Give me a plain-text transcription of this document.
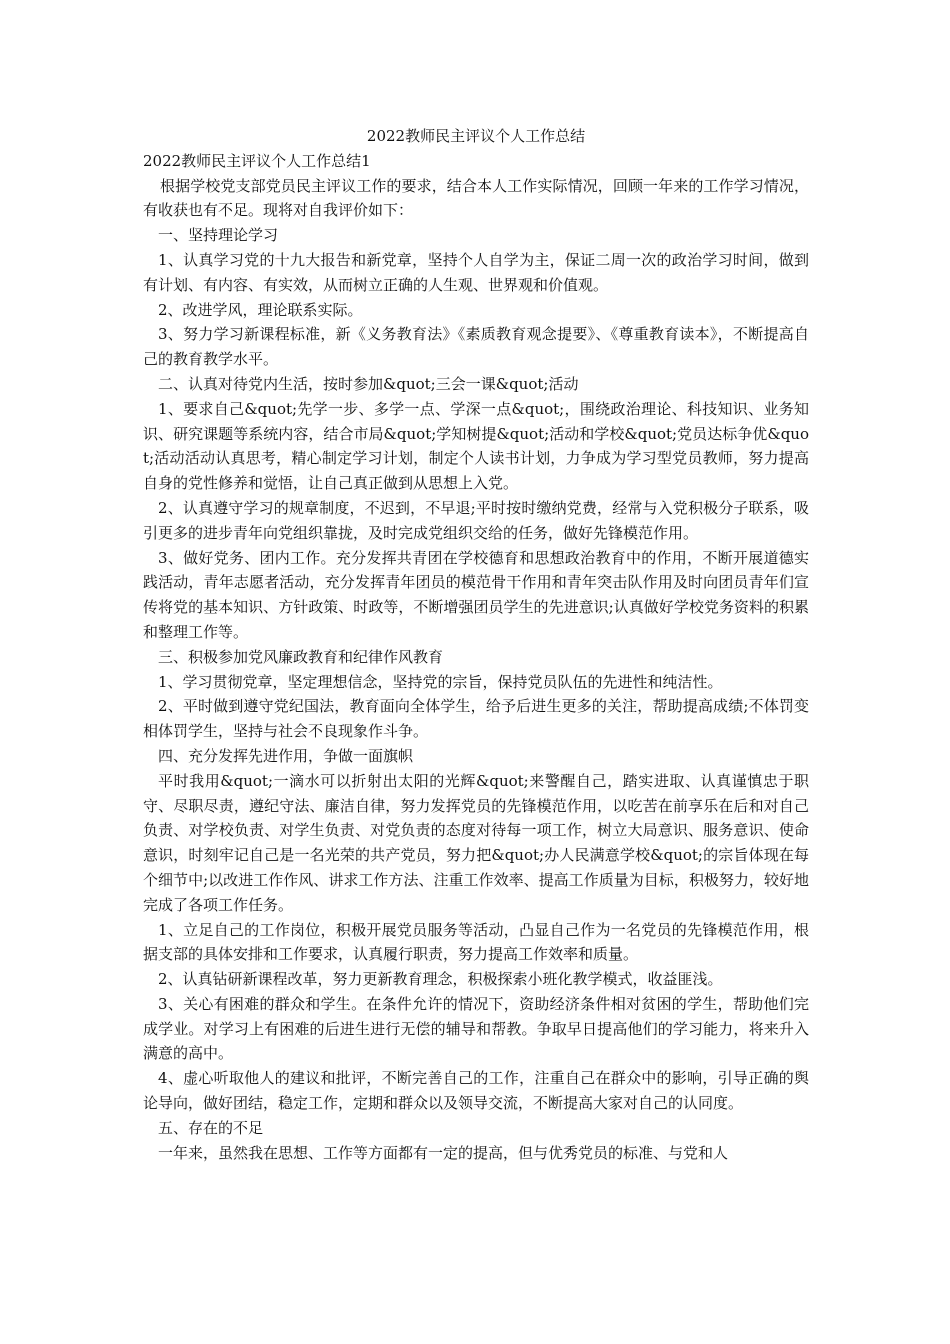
2022教师民主评议个人工作总结

2022教师民主评议个人工作总结1

根据学校党支部党员民主评议工作的要求，结合本人工作实际情况，回顾一年来的工作学习情况，有收获也有不足。现将对自我评价如下：

一、坚持理论学习

1、认真学习党的十九大报告和新党章，坚持个人自学为主，保证二周一次的政治学习时间，做到有计划、有内容、有实效，从而树立正确的人生观、世界观和价值观。

2、改进学风，理论联系实际。

3、努力学习新课程标准，新《义务教育法》《素质教育观念提要》、《尊重教育读本》，不断提高自己的教育教学水平。

二、认真对待党内生活，按时参加&quot;三会一课&quot;活动

1、要求自己&quot;先学一步、多学一点、学深一点&quot;，围绕政治理论、科技知识、业务知识、研究课题等系统内容，结合市局&quot;学知树提&quot;活动和学校&quot;党员达标争优&quot;活动活动认真思考，精心制定学习计划，制定个人读书计划，力争成为学习型党员教师，努力提高自身的党性修养和觉悟，让自己真正做到从思想上入党。

2、认真遵守学习的规章制度，不迟到，不早退;平时按时缴纳党费，经常与入党积极分子联系，吸引更多的进步青年向党组织靠拢，及时完成党组织交给的任务，做好先锋模范作用。

3、做好党务、团内工作。充分发挥共青团在学校德育和思想政治教育中的作用，不断开展道德实践活动，青年志愿者活动，充分发挥青年团员的模范骨干作用和青年突击队作用及时向团员青年们宣传将党的基本知识、方针政策、时政等，不断增强团员学生的先进意识;认真做好学校党务资料的积累和整理工作等。

三、积极参加党风廉政教育和纪律作风教育

1、学习贯彻党章，坚定理想信念，坚持党的宗旨，保持党员队伍的先进性和纯洁性。

2、平时做到遵守党纪国法，教育面向全体学生，给予后进生更多的关注，帮助提高成绩;不体罚变相体罚学生，坚持与社会不良现象作斗争。

四、充分发挥先进作用，争做一面旗帜

平时我用&quot;一滴水可以折射出太阳的光辉&quot;来警醒自己，踏实进取、认真谨慎忠于职守、尽职尽责，遵纪守法、廉洁自律，努力发挥党员的先锋模范作用，以吃苦在前享乐在后和对自己负责、对学校负责、对学生负责、对党负责的态度对待每一项工作，树立大局意识、服务意识、使命意识，时刻牢记自己是一名光荣的共产党员，努力把&quot;办人民满意学校&quot;的宗旨体现在每个细节中;以改进工作作风、讲求工作方法、注重工作效率、提高工作质量为目标，积极努力，较好地完成了各项工作任务。

1、立足自己的工作岗位，积极开展党员服务等活动，凸显自己作为一名党员的先锋模范作用，根据支部的具体安排和工作要求，认真履行职责，努力提高工作效率和质量。

2、认真钻研新课程改革，努力更新教育理念，积极探索小班化教学模式，收益匪浅。

3、关心有困难的群众和学生。在条件允许的情况下，资助经济条件相对贫困的学生，帮助他们完成学业。对学习上有困难的后进生进行无偿的辅导和帮教。争取早日提高他们的学习能力，将来升入满意的高中。

4、虚心听取他人的建议和批评，不断完善自己的工作，注重自己在群众中的影响，引导正确的舆论导向，做好团结，稳定工作，定期和群众以及领导交流，不断提高大家对自己的认同度。

五、存在的不足

一年来，虽然我在思想、工作等方面都有一定的提高，但与优秀党员的标准、与党和人
